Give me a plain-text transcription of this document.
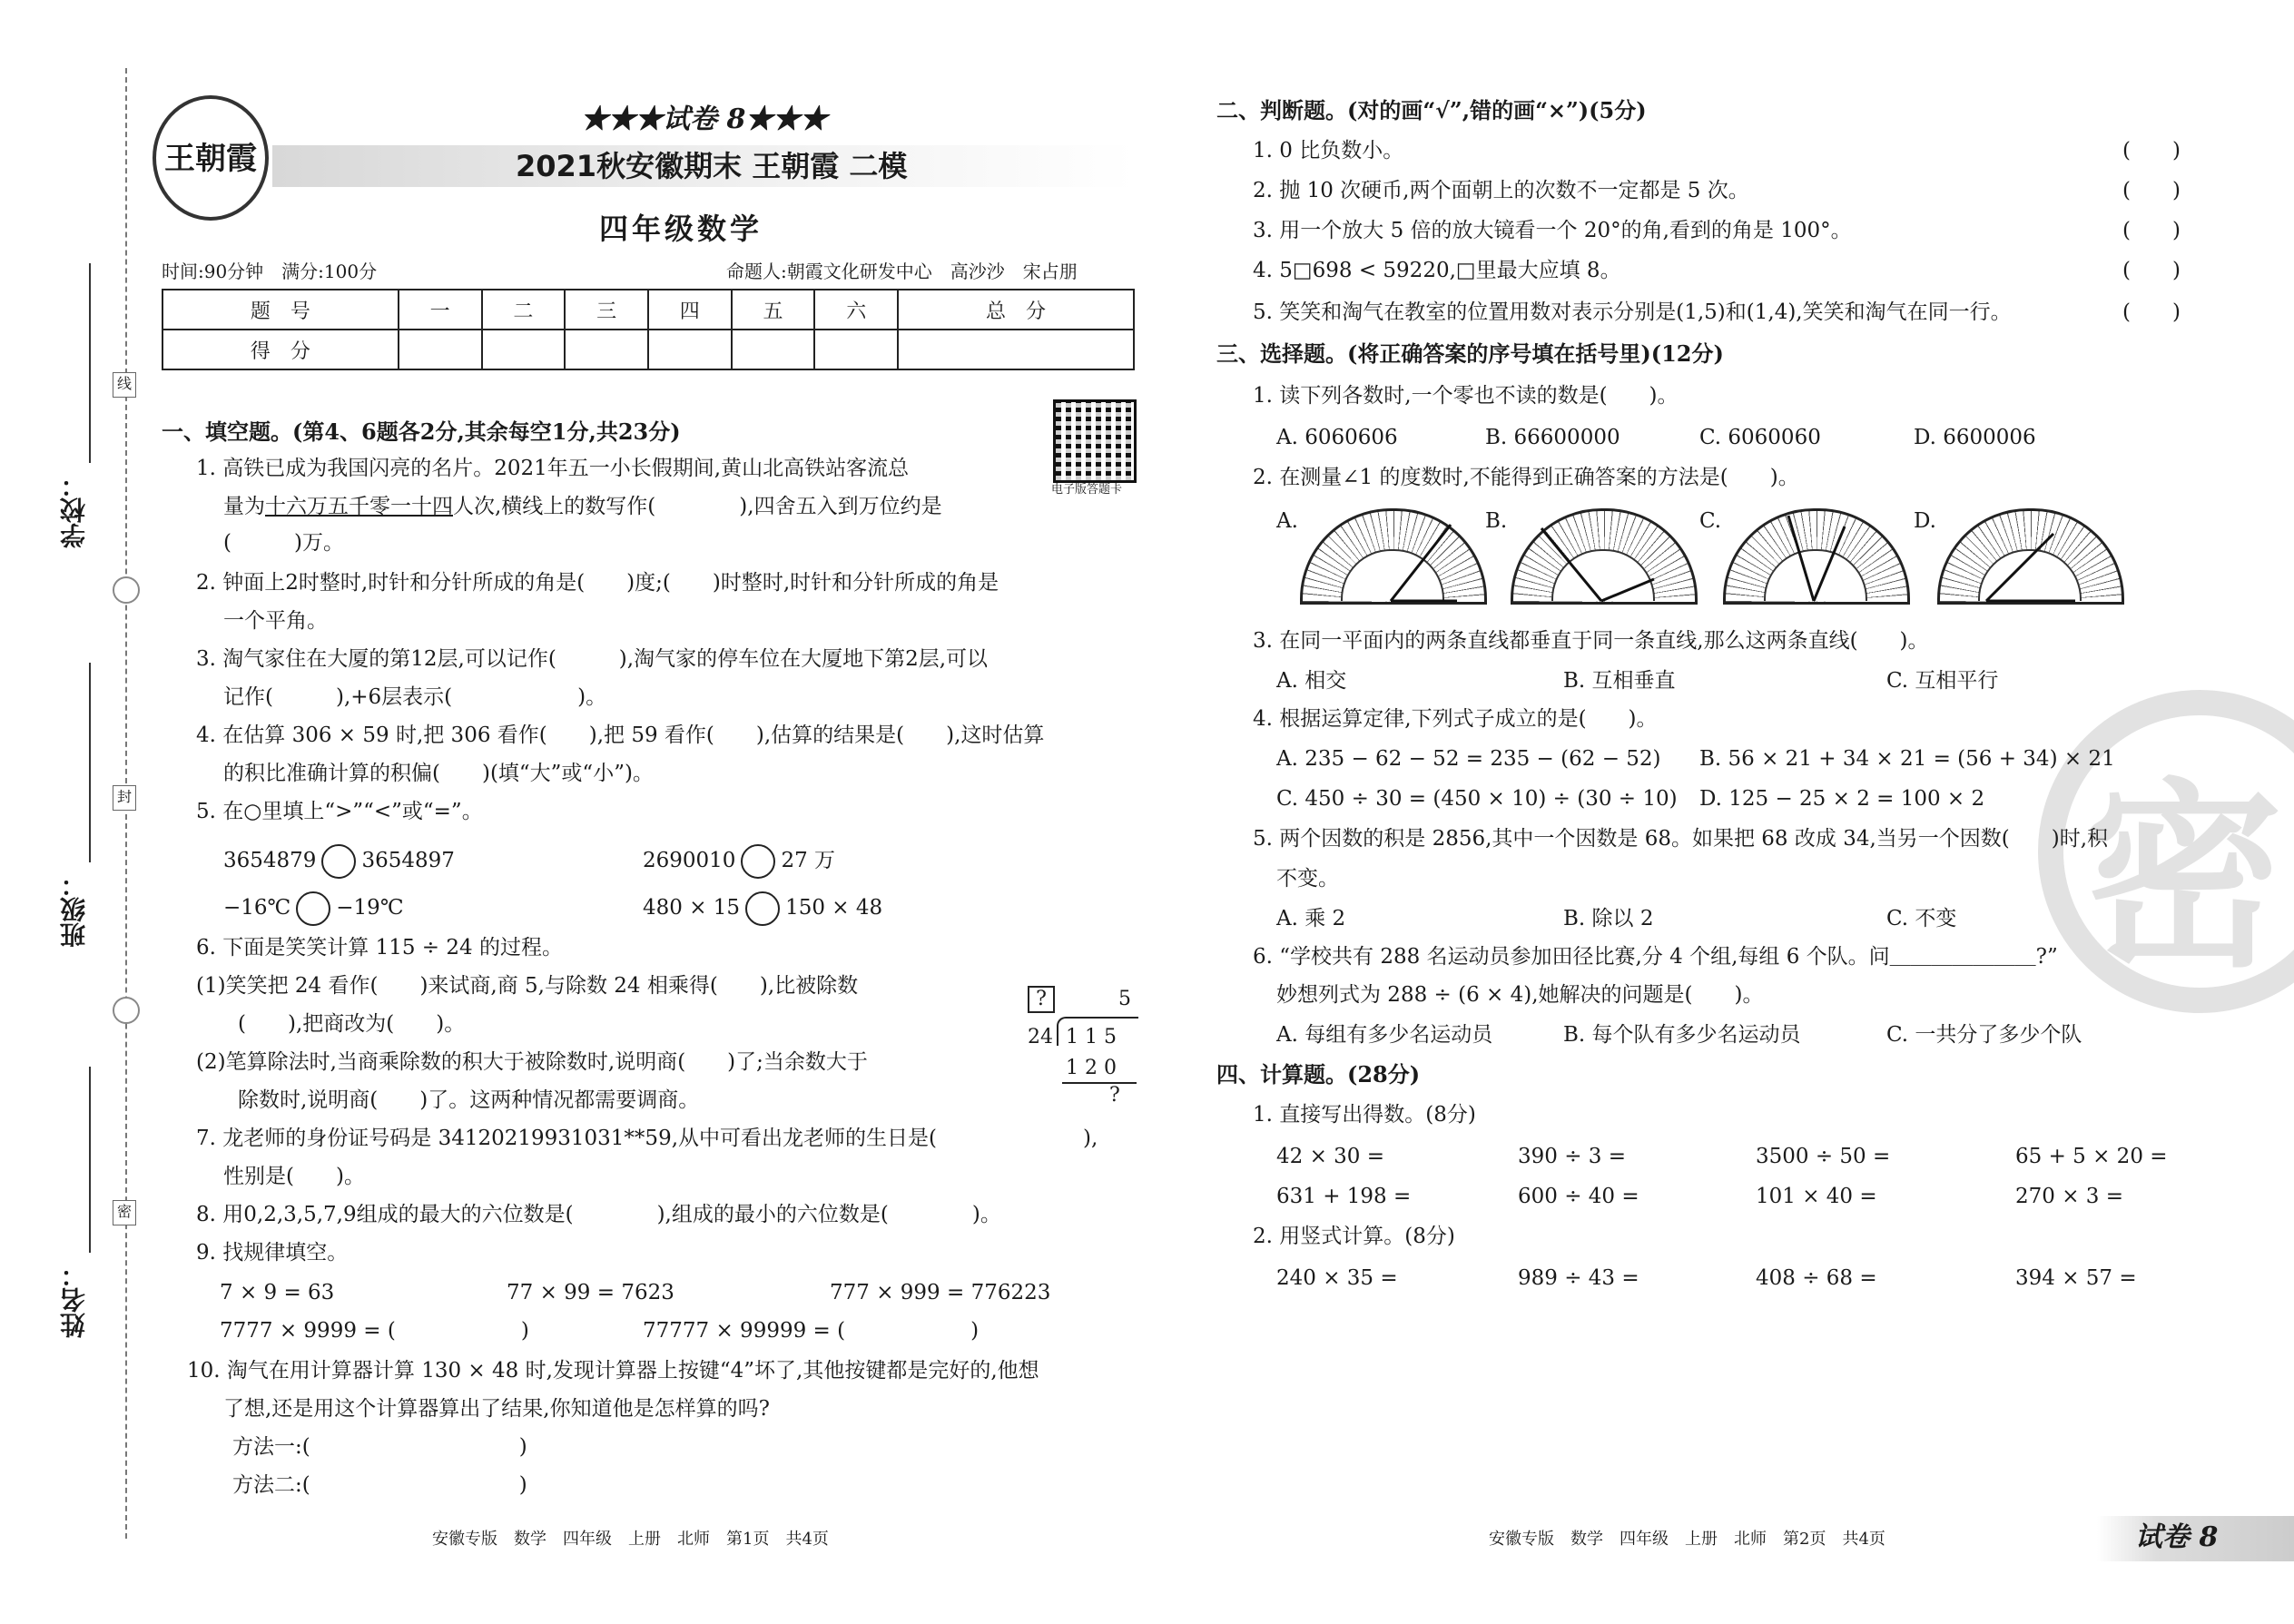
学校：
班级：
姓名：
线
封
密
王朝霞
★★★试卷 8★★★
2021秋安徽期末 王朝霞 二模
四年级数学
时间:90分钟　满分:100分	命题人:朝霞文化研发中心　高沙沙　宋占朋
题　号	一	二	三	四	五	六	总　分
得　分							
电子版答题卡
一、填空题。(第4、6题各2分,其余每空1分,共23分)
1. 高铁已成为我国闪亮的名片。2021年五一小长假期间,黄山北高铁站客流总
量为十六万五千零一十四人次,横线上的数写作(　　　　),四舍五入到万位约是
(　　　)万。
2. 钟面上2时整时,时针和分针所成的角是(　　)度;(　　)时整时,时针和分针所成的角是
一个平角。
3. 淘气家住在大厦的第12层,可以记作(　　　),淘气家的停车位在大厦地下第2层,可以
记作(　　　),+6层表示(　　　　　　)。
4. 在估算 306 × 59 时,把 306 看作(　　),把 59 看作(　　),估算的结果是(　　),这时估算
的积比准确计算的积偏(　　)(填“大”或“小”)。
5. 在○里填上“>”“<”或“=”。
3654879 3654897	2690010 27 万
−16℃ −19℃	480 × 15 150 × 48
6. 下面是笑笑计算 115 ÷ 24 的过程。
(1)笑笑把 24 看作(　　)来试商,商 5,与除数 24 相乘得(　　),比被除数
(　　),把商改为(　　)。
(2)笔算除法时,当商乘除数的积大于被除数时,说明商(　　)了;当余数大于
除数时,说明商(　　)了。这两种情况都需要调商。
?	5
24 1 1 5
1 2 0
?
7. 龙老师的身份证号码是 34120219931031**59,从中可看出龙老师的生日是(　　　　　　　),
性别是(　　)。
8. 用0,2,3,5,7,9组成的最大的六位数是(　　　　),组成的最小的六位数是(　　　　)。
9. 找规律填空。
7 × 9 = 63	77 × 99 = 7623	777 × 999 = 776223
7777 × 9999 = (　　　　　　)	77777 × 99999 = (　　　　　　)
10. 淘气在用计算器计算 130 × 48 时,发现计算器上按键“4”坏了,其他按键都是完好的,他想
了想,还是用这个计算器算出了结果,你知道他是怎样算的吗?
方法一:(　　　　　　　　　　)
方法二:(　　　　　　　　　　)
安徽专版　数学　四年级　上册　北师　第1页　共4页
密
二、判断题。(对的画“√”,错的画“×”)(5分)
1. 0 比负数小。
2. 抛 10 次硬币,两个面朝上的次数不一定都是 5 次。
3. 用一个放大 5 倍的放大镜看一个 20°的角,看到的角是 100°。
4. 5□698 < 59220,□里最大应填 8。
5. 笑笑和淘气在教室的位置用数对表示分别是(1,5)和(1,4),笑笑和淘气在同一行。
(　　)
(　　)
(　　)
(　　)
(　　)
三、选择题。(将正确答案的序号填在括号里)(12分)
1. 读下列各数时,一个零也不读的数是(　　)。
A. 6060606	B. 66600000	C. 6060060	D. 6600006
2. 在测量∠1 的度数时,不能得到正确答案的方法是(　　)。
A.	B.	C.	D.
3. 在同一平面内的两条直线都垂直于同一条直线,那么这两条直线(　　)。
A. 相交	B. 互相垂直	C. 互相平行
4. 根据运算定律,下列式子成立的是(　　)。
A. 235 − 62 − 52 = 235 − (62 − 52) B. 56 × 21 + 34 × 21 = (56 + 34) × 21
C. 450 ÷ 30 = (450 × 10) ÷ (30 ÷ 10) D. 125 − 25 × 2 = 100 × 2
5. 两个因数的积是 2856,其中一个因数是 68。如果把 68 改成 34,当另一个因数(　　)时,积
不变。
A. 乘 2	B. 除以 2	C. 不变
6. “学校共有 288 名运动员参加田径比赛,分 4 个组,每组 6 个队。问＿＿＿＿＿＿＿?”
妙想列式为 288 ÷ (6 × 4),她解决的问题是(　　)。
A. 每组有多少名运动员	B. 每个队有多少名运动员	C. 一共分了多少个队
四、计算题。(28分)
1. 直接写出得数。(8分)
42 × 30 =	390 ÷ 3 =	3500 ÷ 50 =	65 + 5 × 20 =
631 + 198 =	600 ÷ 40 =	101 × 40 =	270 × 3 =
2. 用竖式计算。(8分)
240 × 35 =	989 ÷ 43 =	408 ÷ 68 =	394 × 57 =
安徽专版　数学　四年级　上册　北师　第2页　共4页	试卷 8
